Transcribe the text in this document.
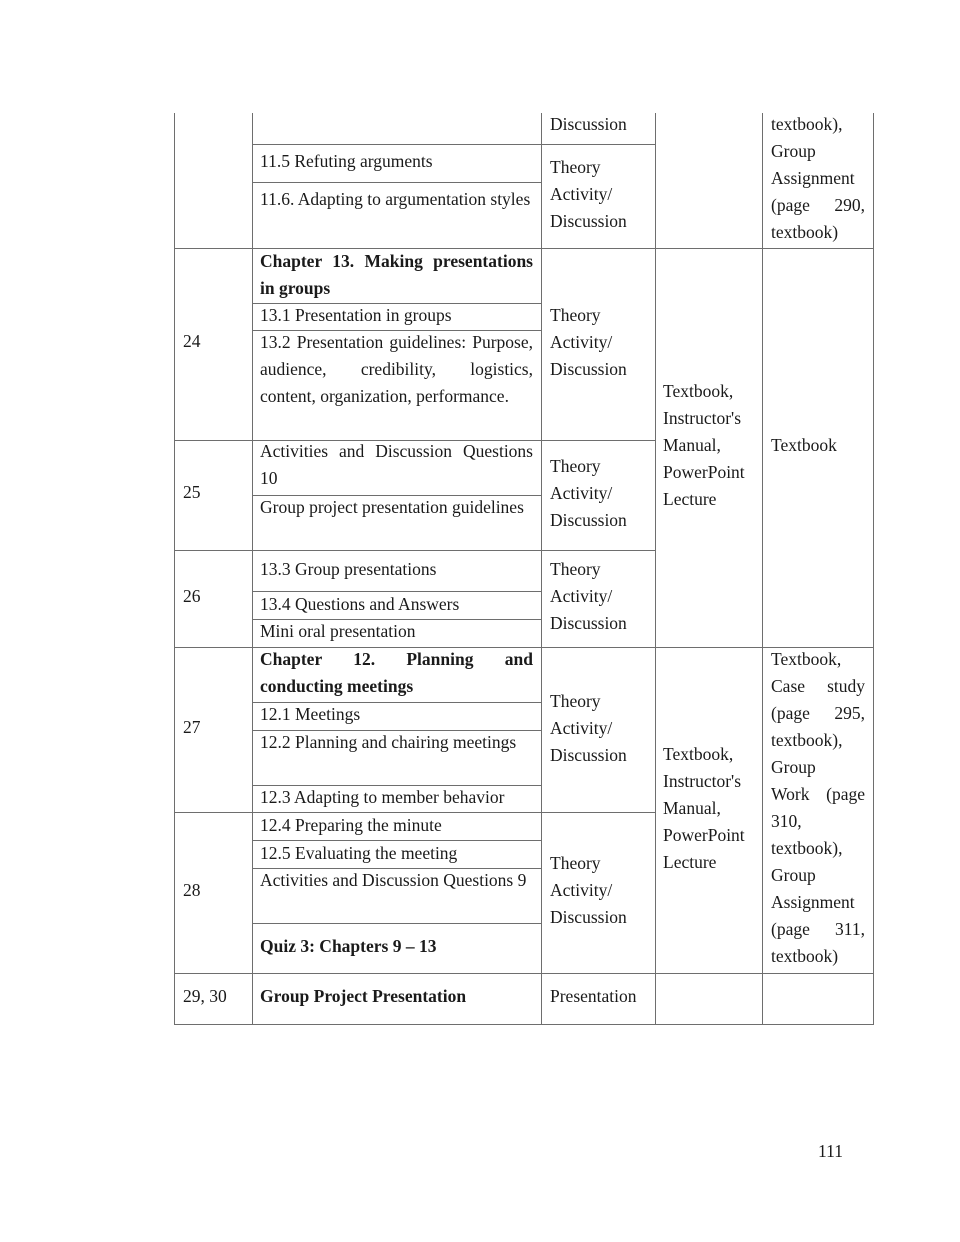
Discussion
11.5 Refuting arguments
11.6. Adapting to argumentation styles
Theory
Activity/
Discussion
textbook),
Group
Assignment
(page 290,
textbook)
24
Chapter 13. Making presentations in groups
13.1 Presentation in groups
13.2 Presentation guidelines: Purpose, audience, credibility, logistics, content, organization, performance.
Theory
Activity/
Discussion
25
Activities and Discussion Questions 10
Group project presentation guidelines
Theory
Activity/
Discussion
26
13.3 Group presentations
13.4 Questions and Answers
Mini oral presentation
Theory
Activity/
Discussion
Textbook,
Instructor's
Manual,
PowerPoint
Lecture
Textbook
27
Chapter 12. Planning and conducting meetings
12.1 Meetings
12.2 Planning and chairing meetings
12.3 Adapting to member behavior
Theory
Activity/
Discussion
28
12.4 Preparing the minute
12.5 Evaluating the meeting
Activities and Discussion Questions 9
Quiz 3: Chapters 9 – 13
Theory
Activity/
Discussion
Textbook,
Instructor's
Manual,
PowerPoint
Lecture
Textbook,
Case study
(page 295,
textbook),
Group
Work (page
310,
textbook),
Group
Assignment
(page 311,
textbook)
29, 30 Group Project Presentation	Presentation
111
